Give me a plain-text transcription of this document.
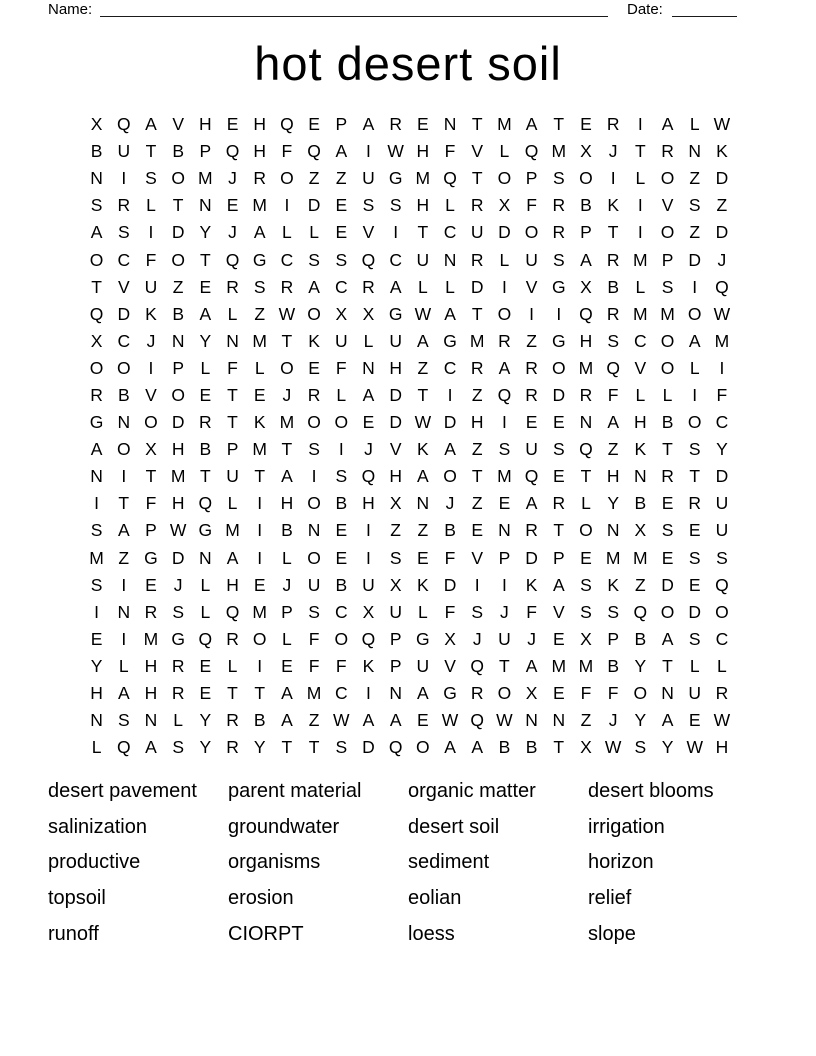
Name:	Date:
hot desert soil
X Q A V H E H Q E P A R E N T M A T E R	I	A L W
B U T B P Q H F Q A	I W H F V L Q M X J T R N K
N	I	S O M J R O Z Z U G M Q T O P S O	I	L O Z D
S R L T N E M I	D E S S H L R X F R B K	I	V S Z
A S	I	D Y J A L L E V	I	T C U D O R P T	I	O Z D
O C F O T Q G C S S Q C U N R L U S A R M P D J
T V U Z E R S R A C R A L L D	I	V G X B L S	I	Q
Q D K B A L Z W O X X G W A T O	I	I	Q R M M O W
X C J N Y N M T K U L U A G M R Z G H S C O A M
O O	I	P L F L O E F N H Z C R A R O M Q V O L	I
R B V O E T E J R L A D T	I	Z Q R D R F L L	I	F
G N O D R T K M O O E D W D H	I	E E N A H B O C
A O X H B P M T S	I	J V K A Z S U S Q Z K T S Y
N	I	T M T U T A	I	S Q H A O T M Q E T H N R T D
I	T F H Q L	I	H O B H X N J Z E A R L Y B E R U
S A P W G M I	B N E	I	Z Z B E N R T O N X S E U
M Z G D N A	I	L O E	I	S E F V P D P E M M E S S
S	I	E J	L H E J U B U X K D	I	I	K A S K Z D E Q
I	N R S L Q M P S C X U L F S J F V S S Q O D O
E	I M G Q R O L F O Q P G X J U J E X P B A S C
Y L H R E L	I	E F F K P U V Q T A M M B Y T L L
H A H R E T T A M C	I	N A G R O X E F F O N U R
N S N L Y R B A Z W A A E W Q W N N Z J Y A E W
L Q A S Y R Y T T S D Q O A A B B T X W S Y W H
desert pavement
salinization
productive
topsoil
runoff
parent material
groundwater
organisms
erosion
CIORPT
organic matter
desert soil
sediment
eolian
loess
desert blooms
irrigation
horizon
relief
slope
